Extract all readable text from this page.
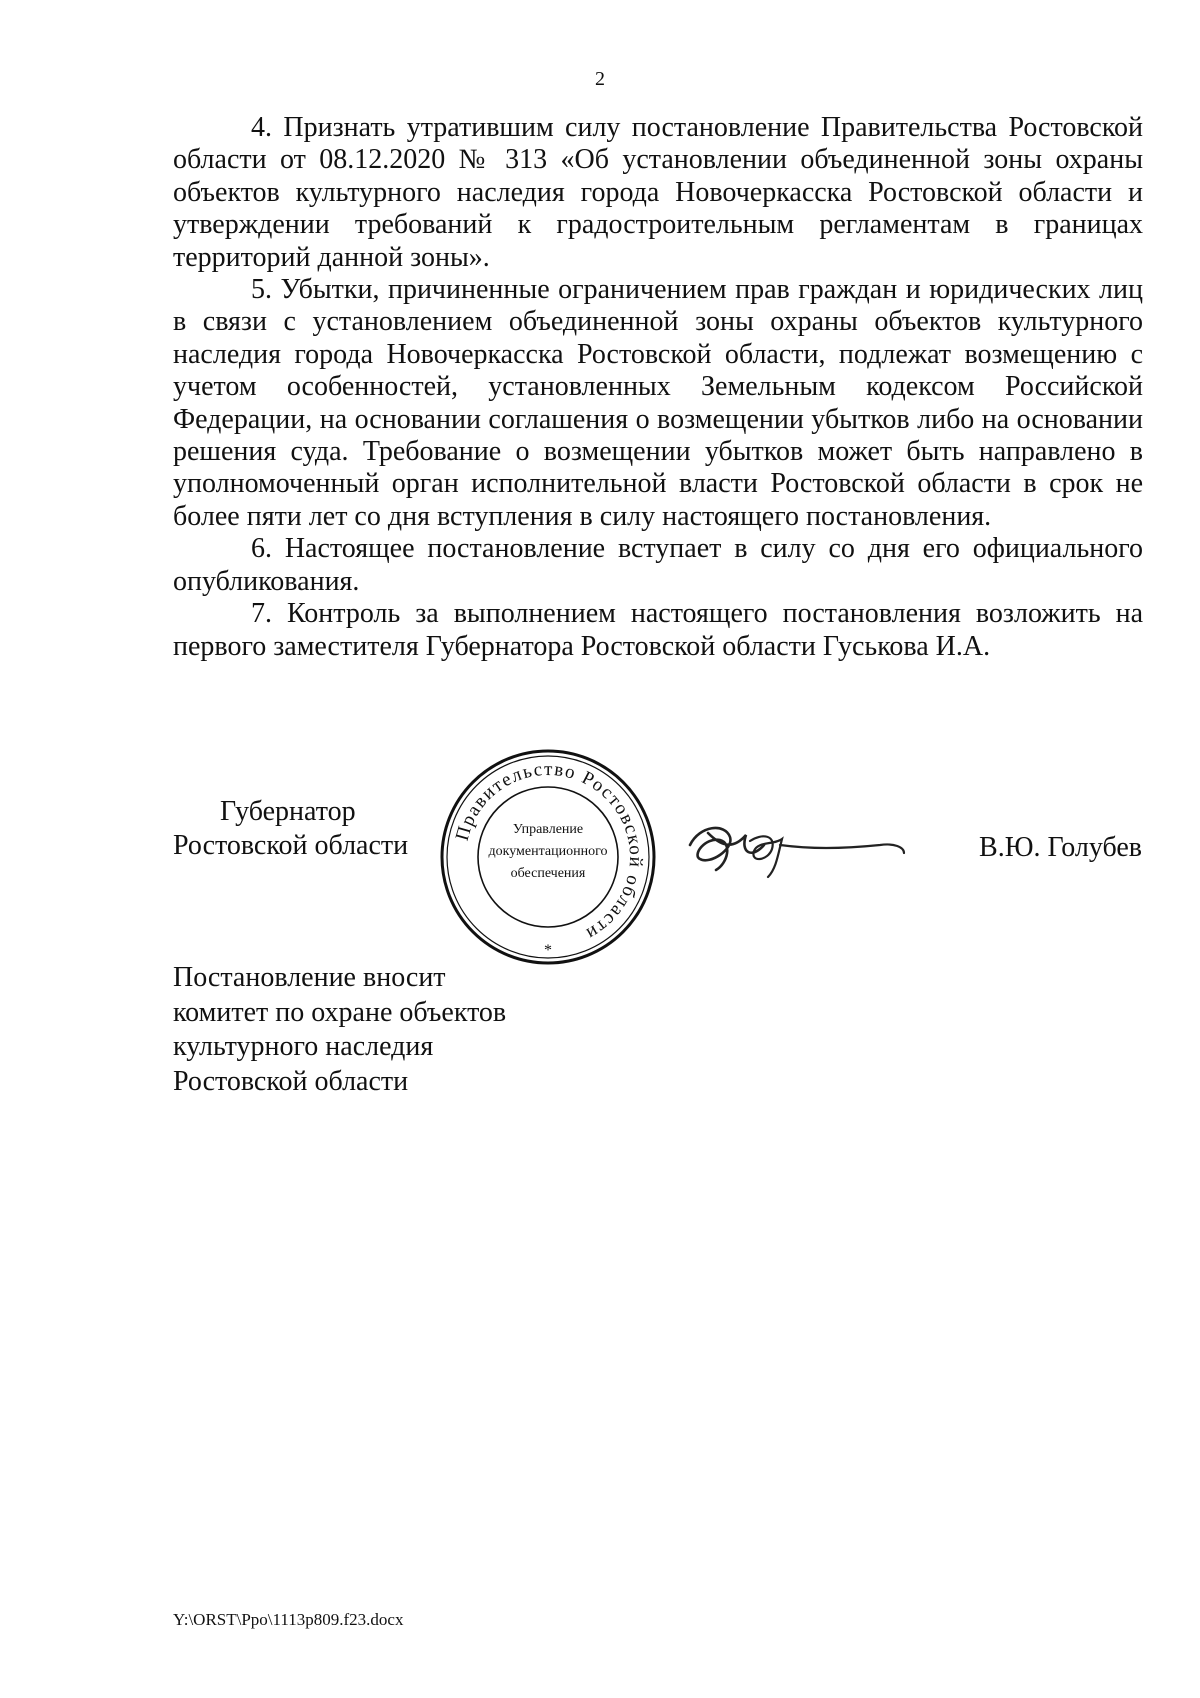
2

4. Признать утратившим силу постановление Правительства Ростовской области от 08.12.2020 № 313 «Об установлении объединенной зоны охраны объектов культурного наследия города Новочеркасска Ростовской области и утверждении требований к градостроительным регламентам в границах территорий данной зоны».

5. Убытки, причиненные ограничением прав граждан и юридических лиц в связи с установлением объединенной зоны охраны объектов культурного наследия города Новочеркасска Ростовской области, подлежат возмещению с учетом особенностей, установленных Земельным кодексом Российской Федерации, на основании соглашения о возмещении убытков либо на основании решения суда. Требование о возмещении убытков может быть направлено в уполномоченный орган исполнительной власти Ростовской области в срок не более пяти лет со дня вступления в силу настоящего постановления.

6. Настоящее постановление вступает в силу со дня его официального опубликования.

7. Контроль за выполнением настоящего постановления возложить на первого заместителя Губернатора Ростовской области Гуськова И.А.

Губернатор
Ростовской области Правительство Ростовской области
Управление
документационного
обеспечения
*
В.Ю. Голубев
Постановление вносит
комитет по охране объектов
культурного наследия
Ростовской области
Y:\ORST\Ppo\1113p809.f23.docx
